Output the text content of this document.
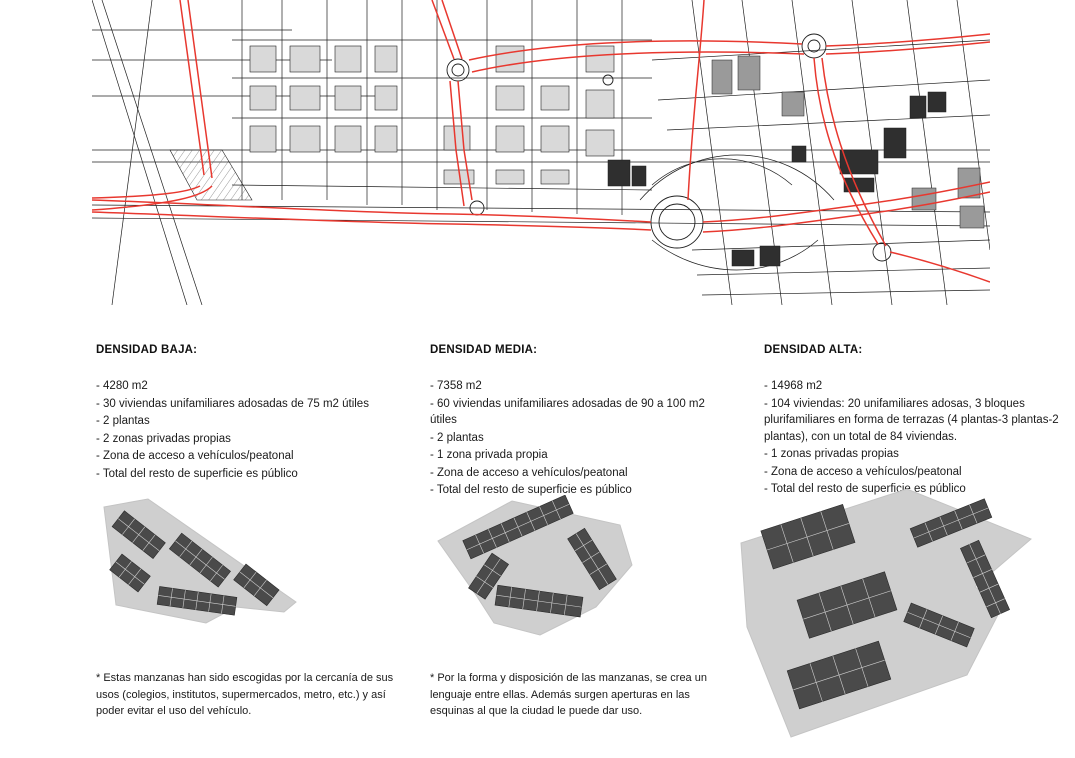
DENSIDAD BAJA:
- 4280 m2
- 30 viviendas unifamiliares adosadas de 75 m2 útiles
- 2 plantas
- 2 zonas privadas propias
- Zona de acceso a vehículos/peatonal
- Total del resto de superficie es público
DENSIDAD MEDIA:
- 7358 m2
- 60 viviendas unifamiliares adosadas de 90 a 100 m2 útiles
- 2 plantas
- 1 zona privada propia
- Zona de acceso a vehículos/peatonal
- Total del resto de superficie es público
DENSIDAD ALTA:
- 14968 m2
- 104 viviendas: 20 unifamiliares adosas, 3 bloques plurifamiliares en forma de terrazas (4 plantas-3 plantas-2 plantas), con un total de 84 viviendas.
- 1 zonas privadas propias
- Zona de acceso a vehículos/peatonal
- Total del resto de superficie es público
* Estas manzanas han sido escogidas por la cercanía de sus usos (colegios, institutos, supermercados, metro, etc.) y así poder evitar el uso del vehículo.
* Por la forma y disposición de las manzanas, se crea un lenguaje entre ellas. Además surgen aperturas en las esquinas al que la ciudad le puede dar uso.
